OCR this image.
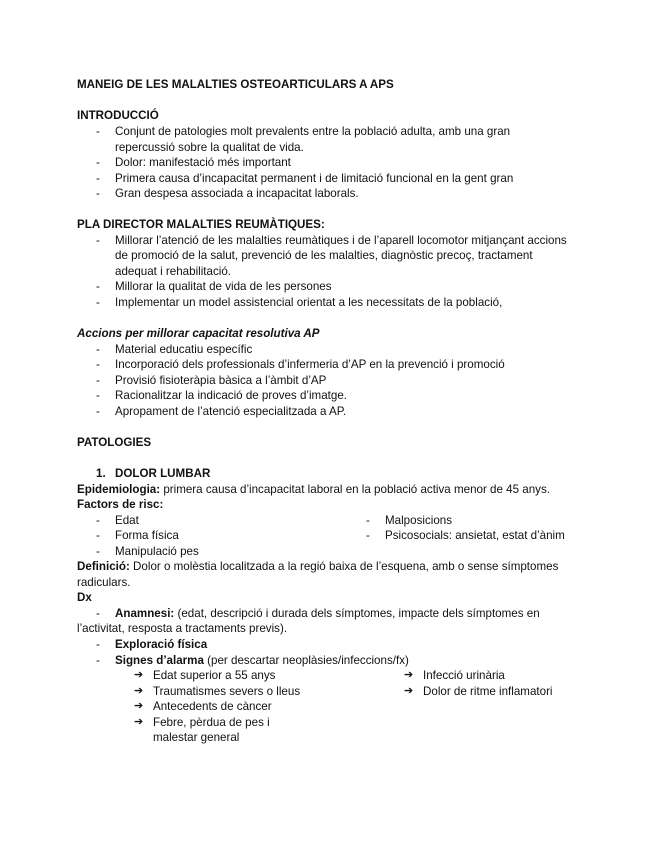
MANEIG DE LES MALALTIES OSTEOARTICULARS A APS
INTRODUCCIÓ
-	Conjunt de patologies molt prevalents entre la població adulta, amb una gran
repercussió sobre la qualitat de vida.
-	Dolor: manifestació més important
-	Primera causa d’incapacitat permanent i de limitació funcional en la gent gran
-	Gran despesa associada a incapacitat laborals.
PLA DIRECTOR MALALTIES REUMÀTIQUES:
-	Millorar l’atenció de les malalties reumàtiques i de l’aparell locomotor mitjançant accions
de promoció de la salut, prevenció de les malalties, diagnòstic precoç, tractament
adequat i rehabilitació.
-	Millorar la qualitat de vida de les persones
-	Implementar un model assistencial orientat a les necessitats de la població,
Accions per millorar capacitat resolutiva AP
-	Material educatiu específic
-	Incorporació dels professionals d’infermeria d’AP en la prevenció i promoció
-	Provisió fisioteràpia bàsica a l’àmbit d’AP
-	Racionalitzar la indicació de proves d’imatge.
-	Apropament de l’atenció especialitzada a AP.
PATOLOGIES
1. DOLOR LUMBAR
Epidemiologia: primera causa d’incapacitat laboral en la població activa menor de 45 anys.
Factors de risc:
-	Edat	-	Malposicions
-	Forma física	-	Psicosocials: ansietat, estat d’ànim
-	Manipulació pes
Definició: Dolor o molèstia localitzada a la regió baixa de l’esquena, amb o sense símptomes
radiculars.
Dx
-	Anamnesi: (edat, descripció i durada dels símptomes, impacte dels símptomes en
l’activitat, resposta a tractaments previs).
-	Exploració física
-	Signes d’alarma (per descartar neoplàsies/infeccions/fx)
➔ Edat superior a 55 anys	➔ Infecció urinària
➔ Traumatismes severs o lleus	➔ Dolor de ritme inflamatori
➔ Antecedents de càncer
➔ Febre, pèrdua de pes i
malestar general
